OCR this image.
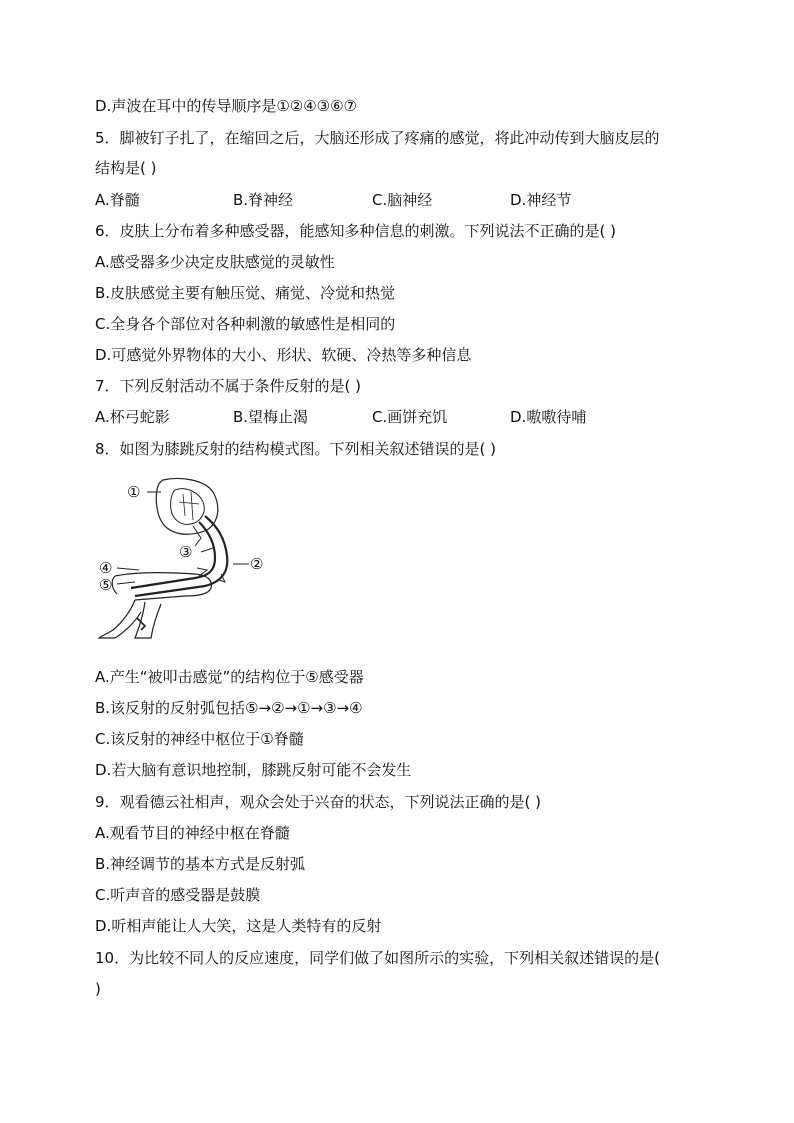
D.声波在耳中的传导顺序是①②④③⑥⑦
5．脚被钉子扎了，在缩回之后，大脑还形成了疼痛的感觉，将此冲动传到大脑皮层的
结构是( )
A.脊髓	B.脊神经	C.脑神经	D.神经节
6．皮肤上分布着多种感受器，能感知多种信息的刺激。下列说法不正确的是( )
A.感受器多少决定皮肤感觉的灵敏性
B.皮肤感觉主要有触压觉、痛觉、冷觉和热觉
C.全身各个部位对各种刺激的敏感性是相同的
D.可感觉外界物体的大小、形状、软硬、冷热等多种信息
7．下列反射活动不属于条件反射的是( )
A.杯弓蛇影	B.望梅止渴	C.画饼充饥	D.嗷嗷待哺
8．如图为膝跳反射的结构模式图。下列相关叙述错误的是( )
①
②
③
④
⑤
A.产生“被叩击感觉”的结构位于⑤感受器
B.该反射的反射弧包括⑤→②→①→③→④
C.该反射的神经中枢位于①脊髓
D.若大脑有意识地控制，膝跳反射可能不会发生
9．观看德云社相声，观众会处于兴奋的状态，下列说法正确的是( )
A.观看节目的神经中枢在脊髓
B.神经调节的基本方式是反射弧
C.听声音的感受器是鼓膜
D.听相声能让人大笑，这是人类特有的反射
10．为比较不同人的反应速度，同学们做了如图所示的实验，下列相关叙述错误的是(
)
